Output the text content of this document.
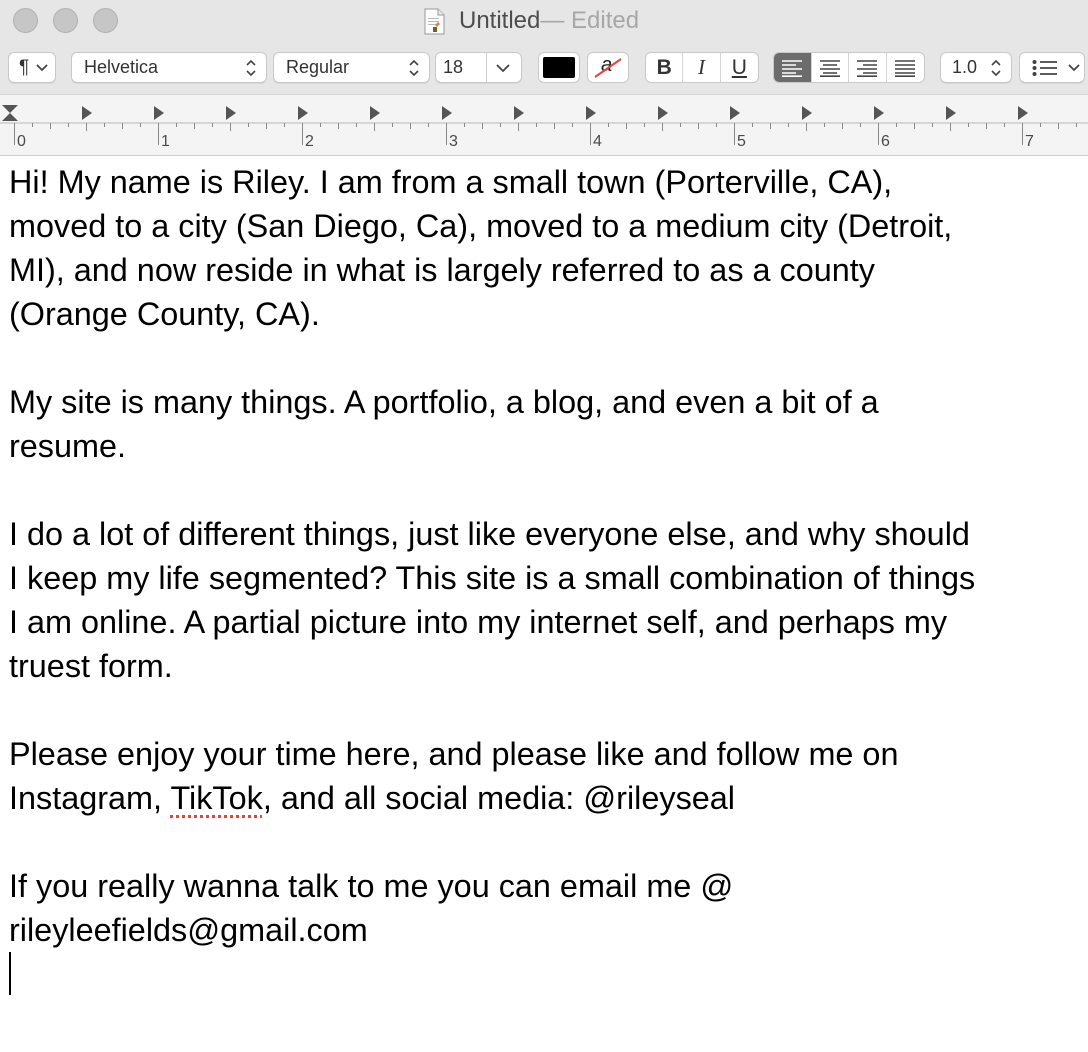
Untitled — Edited
¶	Helvetica	Regular	18	a	B	I	U	1.0
0	1	2	3	4	5	6	7
Hi! My name is Riley. I am from a small town (Porterville, CA),
moved to a city (San Diego, Ca), moved to a medium city (Detroit,
MI), and now reside in what is largely referred to as a county
(Orange County, CA).
My site is many things. A portfolio, a blog, and even a bit of a
resume.
I do a lot of different things, just like everyone else, and why should
I keep my life segmented? This site is a small combination of things
I am online. A partial picture into my internet self, and perhaps my
truest form.
Please enjoy your time here, and please like and follow me on
Instagram, TikTok, and all social media: @rileyseal
If you really wanna talk to me you can email me @
rileyleefields@gmail.com
